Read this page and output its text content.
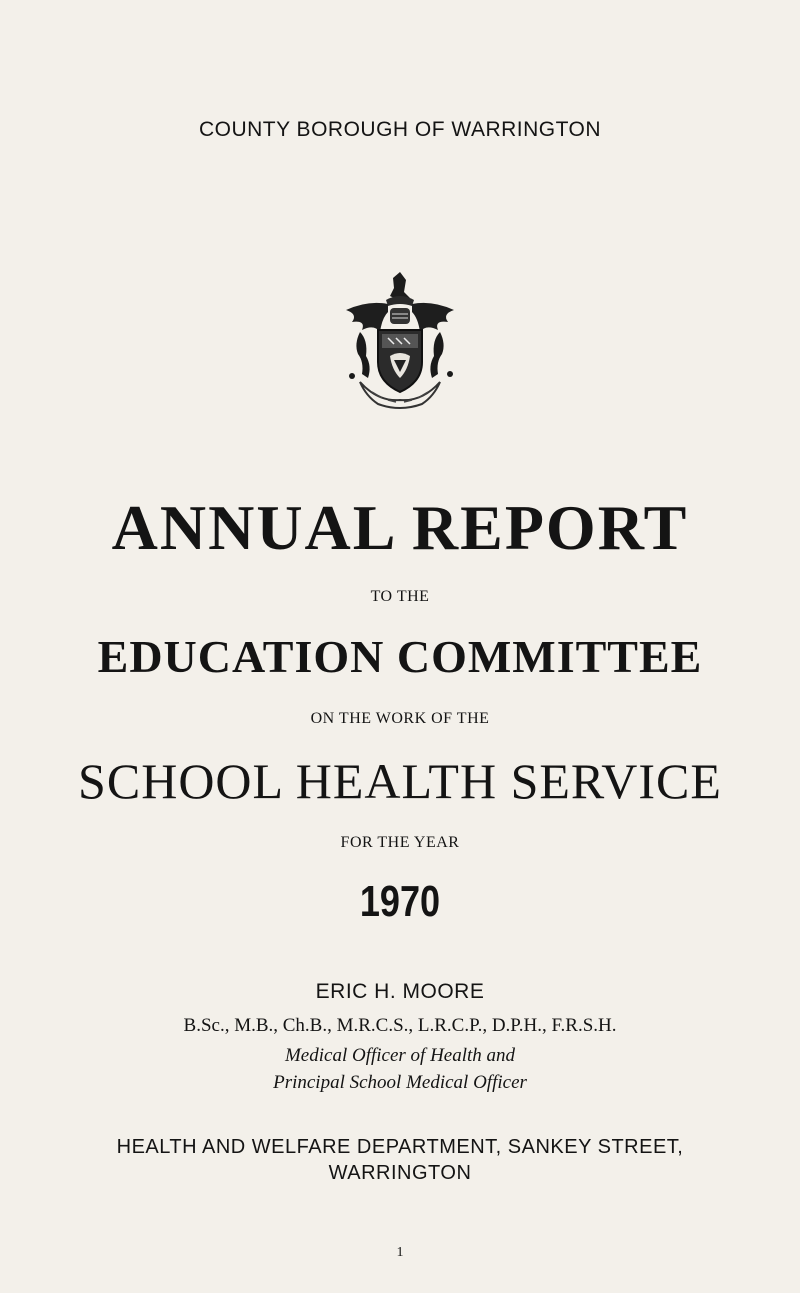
COUNTY BOROUGH OF WARRINGTON
ANNUAL REPORT
TO THE
EDUCATION COMMITTEE
ON THE WORK OF THE
SCHOOL HEALTH SERVICE
FOR THE YEAR
1970
ERIC H. MOORE
B.Sc., M.B., Ch.B., M.R.C.S., L.R.C.P., D.P.H., F.R.S.H.
Medical Officer of Health and
Principal School Medical Officer
HEALTH AND WELFARE DEPARTMENT, SANKEY STREET,
WARRINGTON
1
